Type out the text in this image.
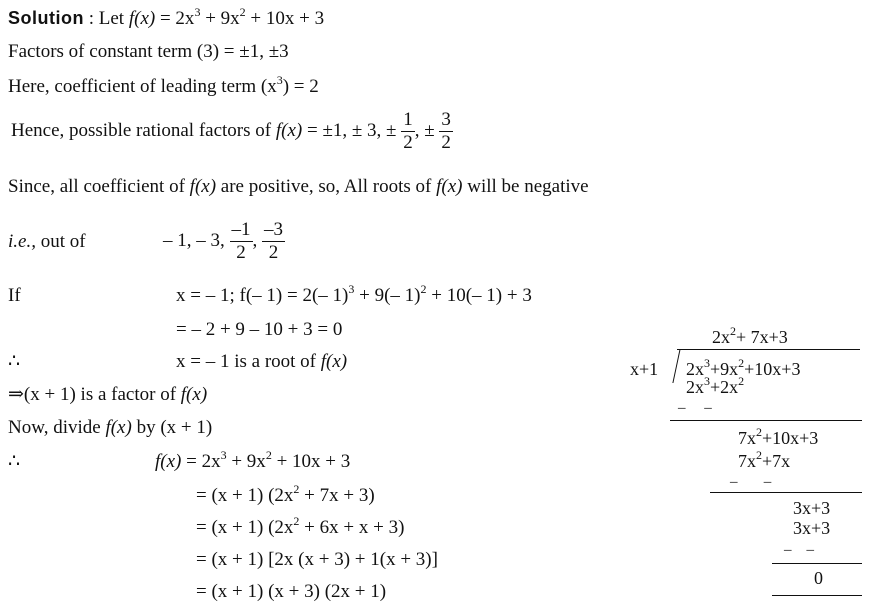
Solution : Let $f(x) = 2x^3 + 9x^2 + 10x + 3$
Factors of constant term (3) = ±1, ±3
Here, coefficient of leading term $(x^3) = 2$
Hence, possible rational factors of f(x) = ±1, ± 3, ± $\frac{1}{2}$ , ± $\frac{3}{2}$
Since, all coefficient of f(x) are positive, so, All roots of f(x) will be negative
i.e., out of	– 1, – 3, $\frac{-1}{2}$ , $\frac{-3}{2}$
If	x = – 1; f(– 1) = 2(– 1)$^3$ + 9(– 1)$^2$ + 10(– 1) + 3
= – 2 + 9 – 10 + 3 = 0
∴	x = – 1 is a root of f(x)
⇒(x + 1) is a factor of f(x)
Now, divide f(x) by (x + 1)
∴	$f(x) = 2x^3 + 9x^2 + 10x + 3$
= (x + 1) $(2x^2 + 7x + 3)$
= (x + 1) $(2x^2 + 6x + x + 3)$
= (x + 1) [2x (x + 3) + 1(x + 3)]
= (x + 1) (x + 3) (2x + 1)
$2x^2+ 7x+3$
x+1 $2x^3+9x^2+10x+3$
$2x^3+2x^2$
–     –
$7x^2+10x+3$
$7x^2+7x$
–       –
3x+3
3x+3
–    –
0
